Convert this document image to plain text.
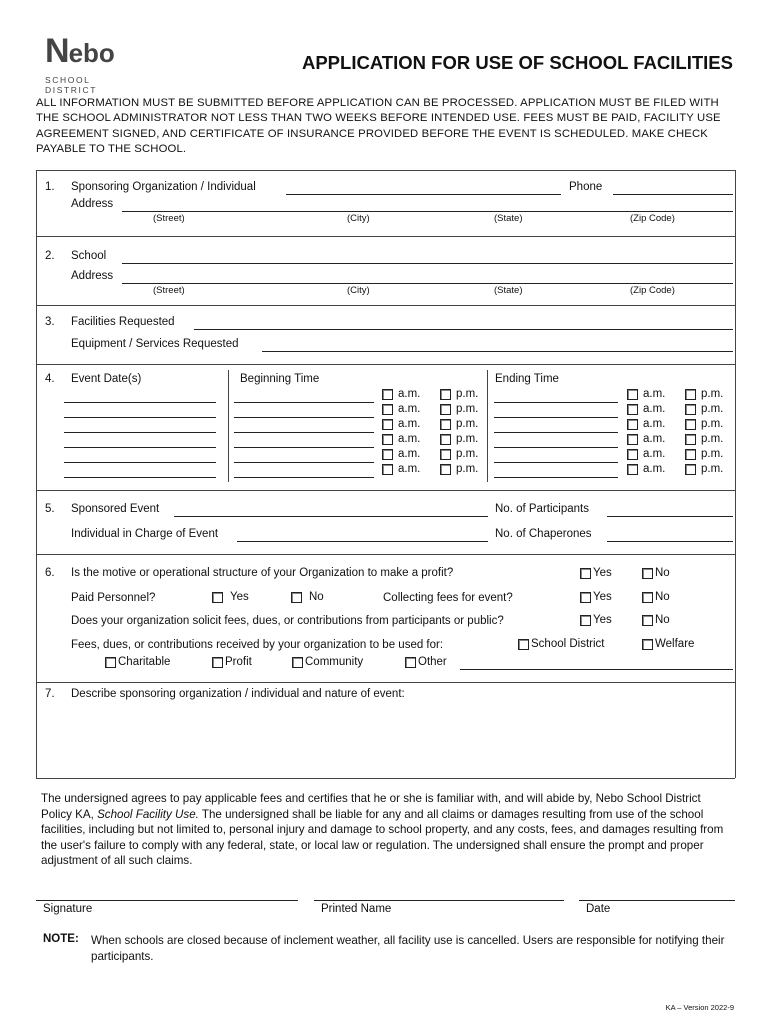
Nebo
SCHOOL DISTRICT
APPLICATION FOR USE OF SCHOOL FACILITIES
ALL INFORMATION MUST BE SUBMITTED BEFORE APPLICATION CAN BE PROCESSED. APPLICATION MUST BE FILED WITH THE SCHOOL ADMINISTRATOR NOT LESS THAN TWO WEEKS BEFORE INTENDED USE. FEES MUST BE PAID, FACILITY USE AGREEMENT SIGNED, AND CERTIFICATE OF INSURANCE PROVIDED BEFORE THE EVENT IS SCHEDULED. MAKE CHECK PAYABLE TO THE SCHOOL.
1. Sponsoring Organization / Individual	Phone
Address
(Street)	(City)	(State)	(Zip Code)
2. School
Address
(Street)	(City)	(State)	(Zip Code)
3. Facilities Requested
Equipment / Services Requested
4. Event Date(s)	Beginning Time	Ending Time
a.m.	p.m.	a.m.	p.m.
a.m.	p.m.	a.m.	p.m.
a.m.	p.m.	a.m.	p.m.
a.m.	p.m.	a.m.	p.m.
a.m.	p.m.	a.m.	p.m.
a.m.	p.m.	a.m.	p.m.
5. Sponsored Event	No. of Participants
Individual in Charge of Event	No. of Chaperones
6. Is the motive or operational structure of your Organization to make a profit?	Yes	No
Paid Personnel?	Yes	No	Collecting fees for event?	Yes	No
Does your organization solicit fees, dues, or contributions from participants or public?	Yes	No
Fees, dues, or contributions received by your organization to be used for:	School District	Welfare
Charitable	Profit	Community	Other
7. Describe sponsoring organization / individual and nature of event:
The undersigned agrees to pay applicable fees and certifies that he or she is familiar with, and will abide by, Nebo School District Policy KA, School Facility Use. The undersigned shall be liable for any and all claims or damages resulting from use of the school facilities, including but not limited to, personal injury and damage to school property, and any costs, fees, and damages resulting from the user's failure to comply with any federal, state, or local law or regulation. The undersigned shall ensure the prompt and proper adjustment of all such claims.
Signature	Printed Name	Date
NOTE: When schools are closed because of inclement weather, all facility use is cancelled. Users are responsible for notifying their participants.
KA – Version 2022-9
